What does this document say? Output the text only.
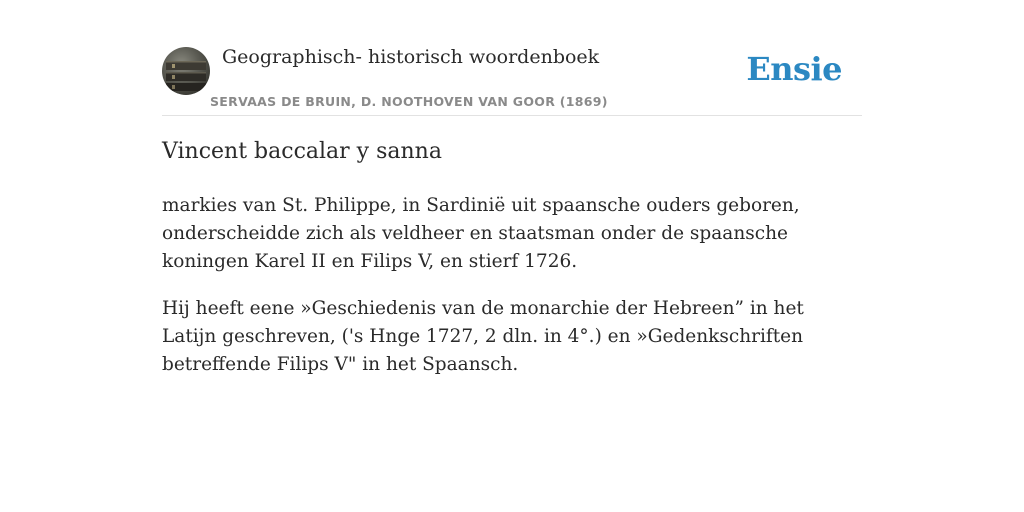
Geographisch- historisch woordenboek
SERVAAS DE BRUIN, D. NOOTHOVEN VAN GOOR (1869)
Ensie
Vincent baccalar y sanna

markies van St. Philippe, in Sardinië uit spaansche ouders geboren, onderscheidde zich als veldheer en staatsman onder de spaansche koningen Karel II en Filips V, en stierf 1726.

Hij heeft eene »Geschiedenis van de monarchie der Hebreen” in het Latijn geschreven, ('s Hnge 1727, 2 dln. in 4°.) en »Gedenkschriften betreffende Filips V" in het Spaansch.
